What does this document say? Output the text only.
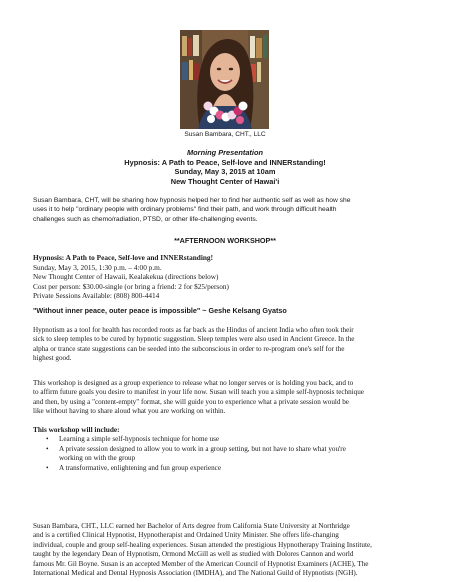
Susan Bambara, CHT., LLC
Morning Presentation
Hypnosis: A Path to Peace, Self-love and INNERstanding!
Sunday, May 3, 2015 at 10am
New Thought Center of Hawai'i
Susan Bambara, CHT, will be sharing how hypnosis helped her to find her authentic self as well as how she
uses it to help "ordinary people with ordinary problems" find their path, and work through difficult health
challenges such as chemo/radiation, PTSD, or other life-challenging events.
**AFTERNOON WORKSHOP**
Hypnosis: A Path to Peace, Self-love and INNERstanding!
Sunday, May 3, 2015, 1:30 p.m. – 4:00 p.m.
New Thought Center of Hawaii, Kealakekua (directions below)
Cost per person: $30.00-single (or bring a friend: 2 for $25/person)
Private Sessions Available: (808) 800-4414
"Without inner peace, outer peace is impossible" ~ Geshe Kelsang Gyatso
Hypnotism as a tool for health has recorded roots as far back as the Hindus of ancient India who often took their
sick to sleep temples to be cured by hypnotic suggestion. Sleep temples were also used in Ancient Greece. In the
alpha or trance state suggestions can be seeded into the subconscious in order to re-program one's self for the
highest good.
This workshop is designed as a group experience to release what no longer serves or is holding you back, and to
to affirm future goals you desire to manifest in your life now. Susan will teach you a simple self-hypnosis technique
and then, by using a "content-empty" format, she will guide you to experience what a private session would be
like without having to share aloud what you are working on within.
This workshop will include:
• Learning a simple self-hypnosis technique for home use
• A private session designed to allow you to work in a group setting, but not have to share what you're
working on with the group
• A transformative, enlightening and fun group experience
Susan Bambara, CHT., LLC earned her Bachelor of Arts degree from California State University at Northridge
and is a certified Clinical Hypnotist, Hypnotherapist and Ordained Unity Minister. She offers life-changing
individual, couple and group self-healing experiences. Susan attended the prestigious Hypnotherapy Training Institute,
taught by the legendary Dean of Hypnotism, Ormond McGill as well as studied with Dolores Cannon and world
famous Mr. Gil Boyne. Susan is an accepted Member of the American Council of Hypnotist Examiners (ACHE), The
International Medical and Dental Hypnosis Association (IMDHA), and The National Guild of Hypnotists (NGH).
